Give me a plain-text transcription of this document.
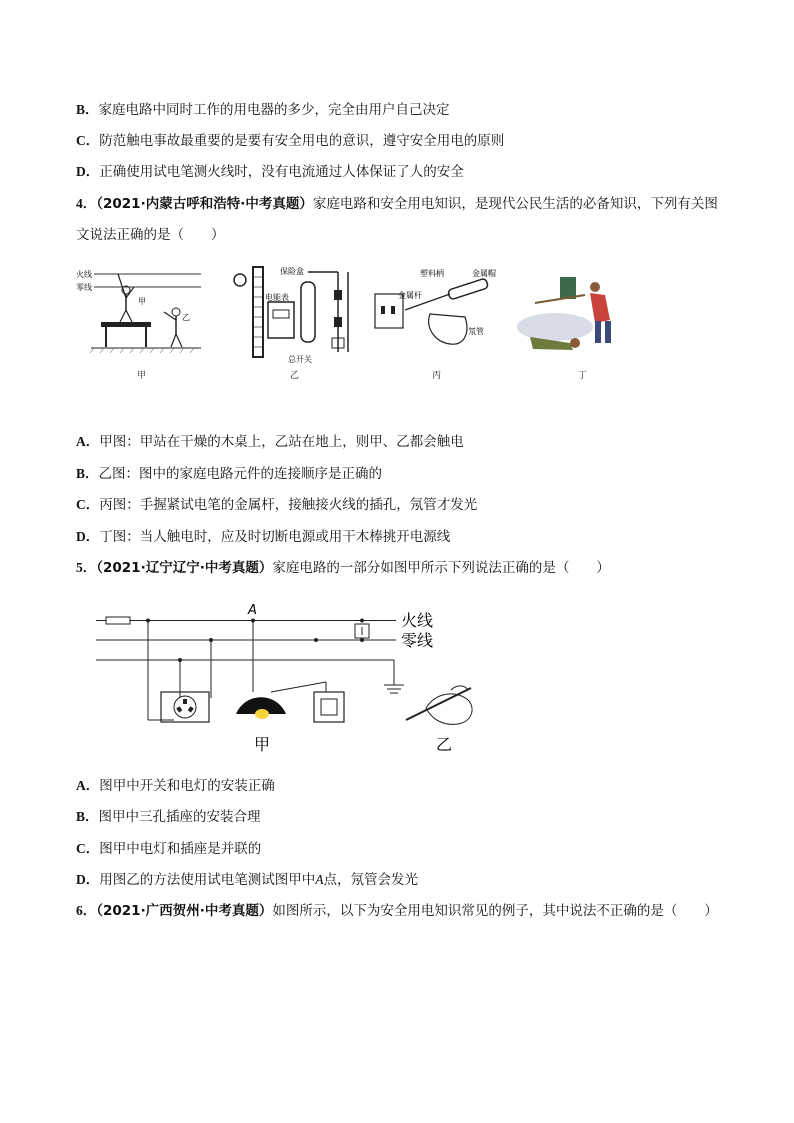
B．家庭电路中同时工作的用电器的多少，完全由用户自己决定
C．防范触电事故最重要的是要有安全用电的意识，遵守安全用电的原则
D．正确使用试电笔测火线时，没有电流通过人体保证了人的安全
4．（2021·内蒙古呼和浩特·中考真题）家庭电路和安全用电知识，是现代公民生活的必备知识，下列有关图
文说法正确的是（　　）
火线
零线
甲
乙
甲
电能表
保险盒
总开关
乙
塑料柄	金属帽
金属杆
氖管
丙	丁
A．甲图：甲站在干燥的木桌上，乙站在地上，则甲、乙都会触电
B．乙图：图中的家庭电路元件的连接顺序是正确的
C．丙图：手握紧试电笔的金属杆，接触接火线的插孔，氖管才发光
D．丁图：当人触电时，应及时切断电源或用干木棒挑开电源线
5．（2021·辽宁辽宁·中考真题）家庭电路的一部分如图甲所示下列说法正确的是（　　）
火线
零线
A
甲	乙
A．图甲中开关和电灯的安装正确
B．图甲中三孔插座的安装合理
C．图甲中电灯和插座是并联的
D．用图乙的方法使用试电笔测试图甲中A点，氖管会发光
6．（2021·广西贺州·中考真题）如图所示，以下为安全用电知识常见的例子，其中说法不正确的是（　　）
